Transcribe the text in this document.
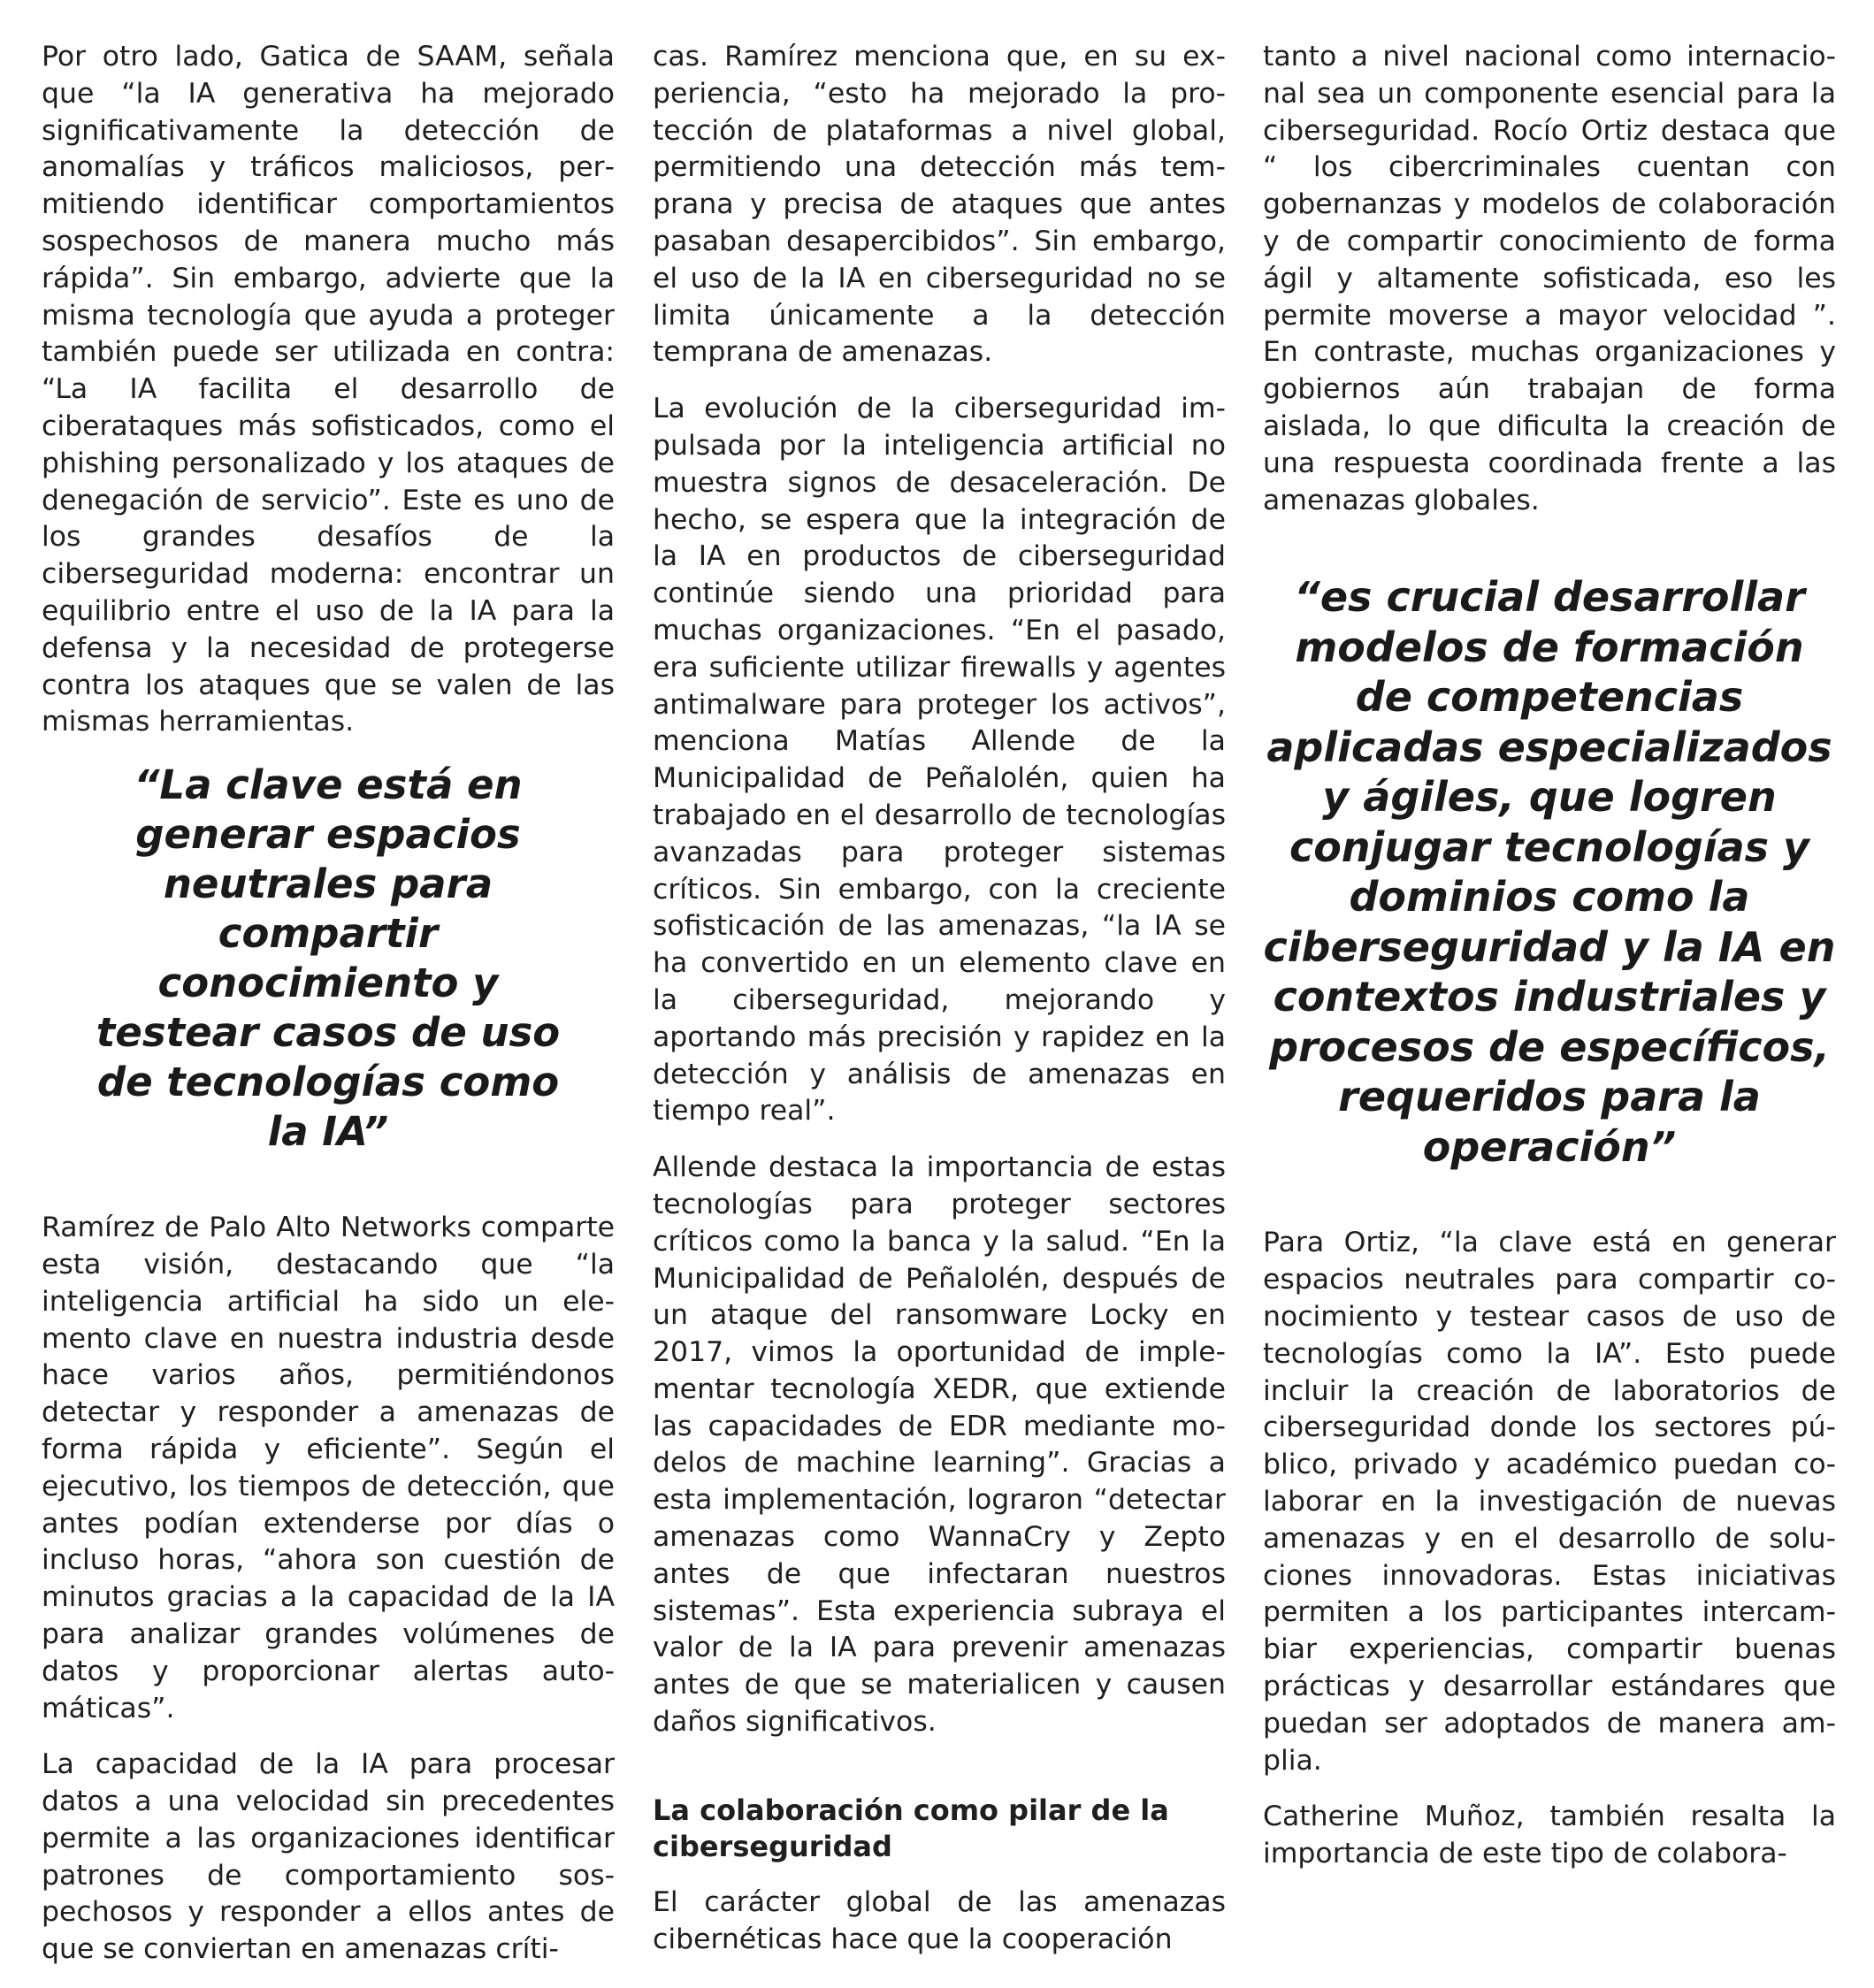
Por otro lado, Gatica de SAAM, señala que “la IA generativa ha mejorado significativamente la detección de anomalías y tráficos maliciosos, permitiendo identificar comportamientos sospechosos de manera mucho más rápida”. Sin embargo, advierte que la misma tecnología que ayuda a proteger también puede ser utilizada en contra: “La IA facilita el desarrollo de ciberataques más sofisticados, como el phishing personalizado y los ataques de denegación de servicio”. Este es uno de los grandes desafíos de la ciberseguridad moderna: encontrar un equilibrio entre el uso de la IA para la defensa y la necesidad de protegerse contra los ataques que se valen de las mismas herramientas.

“La clave está en generar espacios neutrales para compartir conocimiento y testear casos de uso de tecnologías como la IA”

Ramírez de Palo Alto Networks comparte esta visión, destacando que “la inteligencia artificial ha sido un elemento clave en nuestra industria desde hace varios años, permitiéndonos detectar y responder a amenazas de forma rápida y eficiente”. Según el ejecutivo, los tiempos de detección, que antes podían extenderse por días o incluso horas, “ahora son cuestión de minutos gracias a la capacidad de la IA para analizar grandes volúmenes de datos y proporcionar alertas automáticas”.

La capacidad de la IA para procesar datos a una velocidad sin precedentes permite a las organizaciones identificar patrones de comportamiento sospechosos y responder a ellos antes de que se conviertan en amenazas críti-

cas. Ramírez menciona que, en su experiencia, “esto ha mejorado la protección de plataformas a nivel global, permitiendo una detección más temprana y precisa de ataques que antes pasaban desapercibidos”. Sin embargo, el uso de la IA en ciberseguridad no se limita únicamente a la detección temprana de amenazas.

La evolución de la ciberseguridad impulsada por la inteligencia artificial no muestra signos de desaceleración. De hecho, se espera que la integración de la IA en productos de ciberseguridad continúe siendo una prioridad para muchas organizaciones. “En el pasado, era suficiente utilizar firewalls y agentes antimalware para proteger los activos”, menciona Matías Allende de la Municipalidad de Peñalolén, quien ha trabajado en el desarrollo de tecnologías avanzadas para proteger sistemas críticos. Sin embargo, con la creciente sofisticación de las amenazas, “la IA se ha convertido en un elemento clave en la ciberseguridad, mejorando y aportando más precisión y rapidez en la detección y análisis de amenazas en tiempo real”.

Allende destaca la importancia de estas tecnologías para proteger sectores críticos como la banca y la salud. “En la Municipalidad de Peñalolén, después de un ataque del ransomware Locky en 2017, vimos la oportunidad de implementar tecnología XEDR, que extiende las capacidades de EDR mediante modelos de machine learning”. Gracias a esta implementación, lograron “detectar amenazas como WannaCry y Zepto antes de que infectaran nuestros sistemas”. Esta experiencia subraya el valor de la IA para prevenir amenazas antes de que se materialicen y causen daños significativos.

La colaboración como pilar de la ciberseguridad

El carácter global de las amenazas cibernéticas hace que la cooperación

tanto a nivel nacional como internacional sea un componente esencial para la ciberseguridad. Rocío Ortiz destaca que “ los cibercriminales cuentan con gobernanzas y modelos de colaboración y de compartir conocimiento de forma ágil y altamente sofisticada, eso les permite moverse a mayor velocidad ”. En contraste, muchas organizaciones y gobiernos aún trabajan de forma aislada, lo que dificulta la creación de una respuesta coordinada frente a las amenazas globales.

“es crucial desarrollar modelos de formación de competencias aplicadas especializados y ágiles, que logren conjugar tecnologías y dominios como la ciberseguridad y la IA en contextos industriales y procesos de específicos, requeridos para la operación”

Para Ortiz, “la clave está en generar espacios neutrales para compartir conocimiento y testear casos de uso de tecnologías como la IA”. Esto puede incluir la creación de laboratorios de ciberseguridad donde los sectores público, privado y académico puedan colaborar en la investigación de nuevas amenazas y en el desarrollo de soluciones innovadoras. Estas iniciativas permiten a los participantes intercambiar experiencias, compartir buenas prácticas y desarrollar estándares que puedan ser adoptados de manera amplia.

Catherine Muñoz, también resalta la importancia de este tipo de colabora-
